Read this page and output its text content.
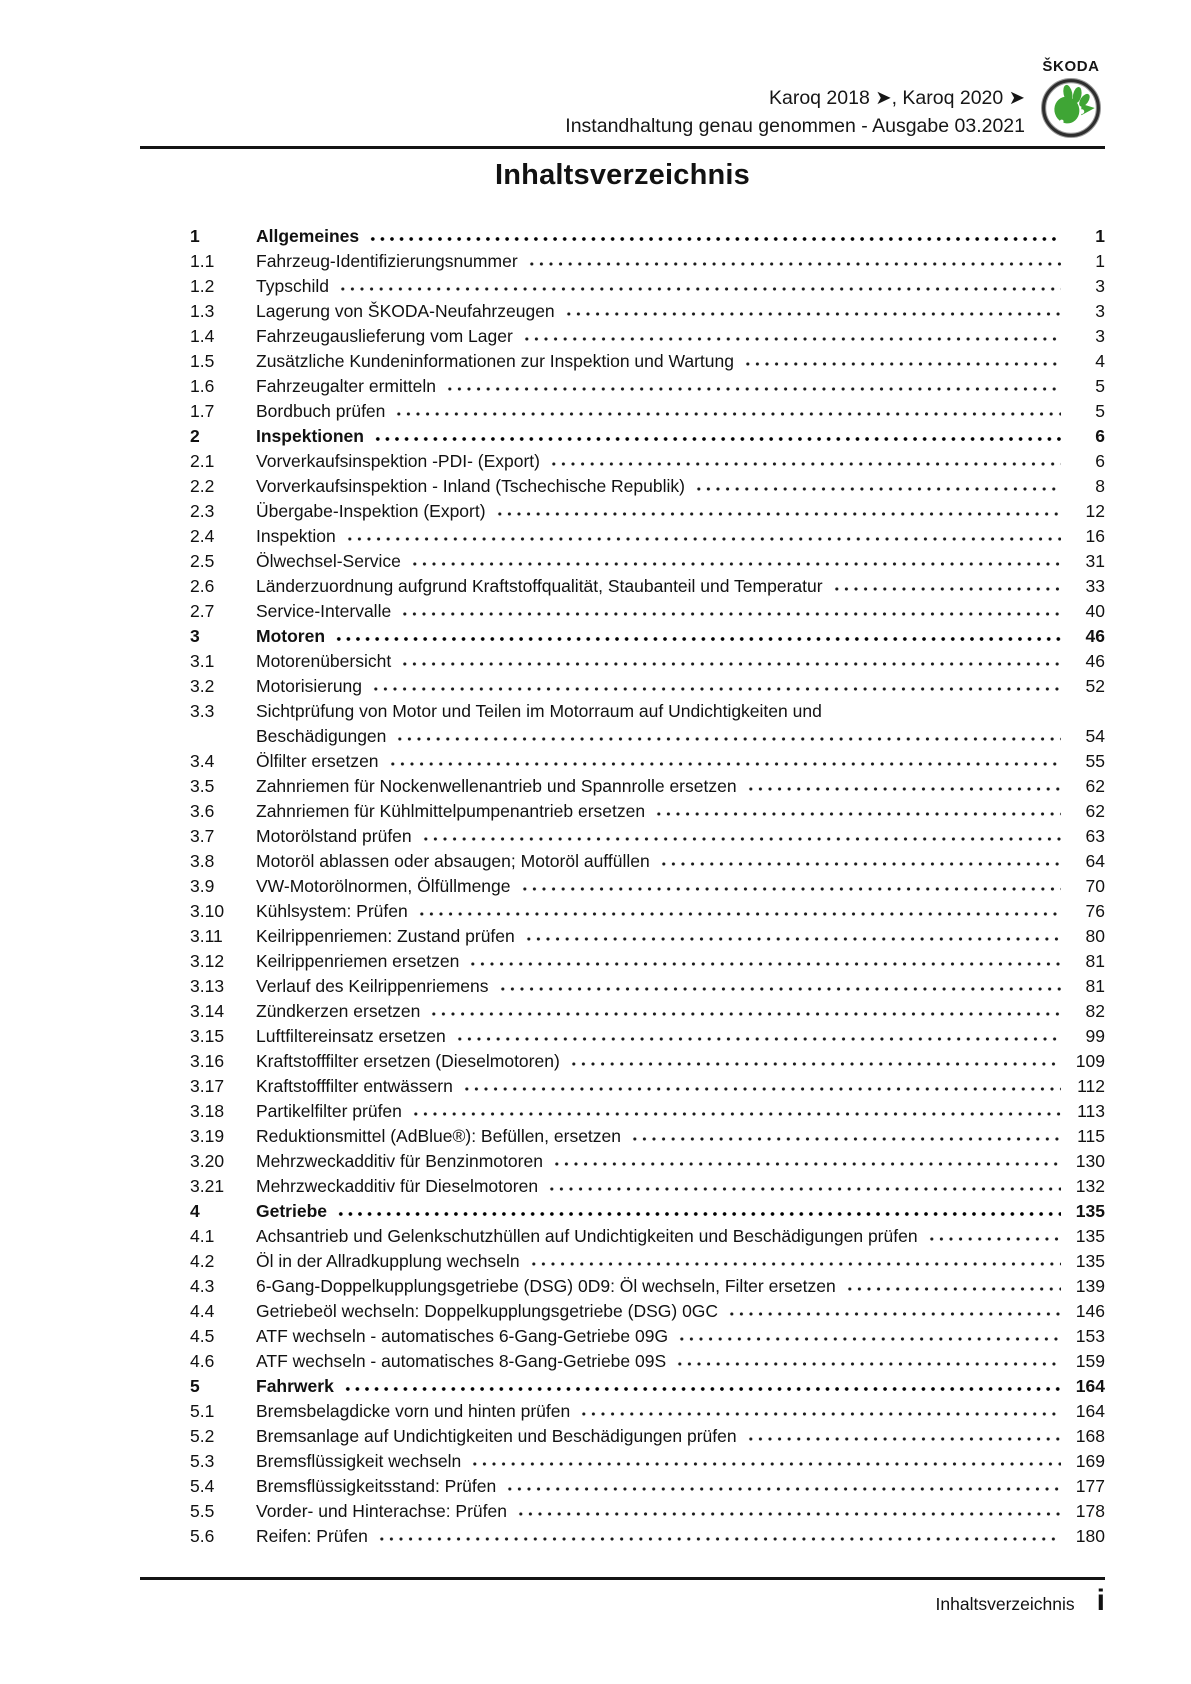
Karoq 2018 ➤, Karoq 2020 ➤
Instandhaltung genau genommen - Ausgabe 03.2021
ŠKODA
Inhaltsverzeichnis
1	Allgemeines	1
1.1	Fahrzeug-Identifizierungsnummer	1
1.2	Typschild	3
1.3	Lagerung von ŠKODA-Neufahrzeugen	3
1.4	Fahrzeugauslieferung vom Lager	3
1.5	Zusätzliche Kundeninformationen zur Inspektion und Wartung	4
1.6	Fahrzeugalter ermitteln	5
1.7	Bordbuch prüfen	5
2	Inspektionen	6
2.1	Vorverkaufsinspektion -PDI- (Export)	6
2.2	Vorverkaufsinspektion - Inland (Tschechische Republik)	8
2.3	Übergabe-Inspektion (Export)	12
2.4	Inspektion	16
2.5	Ölwechsel-Service	31
2.6	Länderzuordnung aufgrund Kraftstoffqualität, Staubanteil und Temperatur	33
2.7	Service-Intervalle	40
3	Motoren	46
3.1	Motorenübersicht	46
3.2	Motorisierung	52
3.3	Sichtprüfung von Motor und Teilen im Motorraum auf Undichtigkeiten und
Beschädigungen	54
3.4	Ölfilter ersetzen	55
3.5	Zahnriemen für Nockenwellenantrieb und Spannrolle ersetzen	62
3.6	Zahnriemen für Kühlmittelpumpenantrieb ersetzen	62
3.7	Motorölstand prüfen	63
3.8	Motoröl ablassen oder absaugen; Motoröl auffüllen	64
3.9	VW-Motorölnormen, Ölfüllmenge	70
3.10	Kühlsystem: Prüfen	76
3.11	Keilrippenriemen: Zustand prüfen	80
3.12	Keilrippenriemen ersetzen	81
3.13	Verlauf des Keilrippenriemens	81
3.14	Zündkerzen ersetzen	82
3.15	Luftfiltereinsatz ersetzen	99
3.16	Kraftstofffilter ersetzen (Dieselmotoren)	109
3.17	Kraftstofffilter entwässern	112
3.18	Partikelfilter prüfen	113
3.19	Reduktionsmittel (AdBlue®): Befüllen, ersetzen	115
3.20	Mehrzweckadditiv für Benzinmotoren	130
3.21	Mehrzweckadditiv für Dieselmotoren	132
4	Getriebe	135
4.1	Achsantrieb und Gelenkschutzhüllen auf Undichtigkeiten und Beschädigungen prüfen	135
4.2	Öl in der Allradkupplung wechseln	135
4.3	6-Gang-Doppelkupplungsgetriebe (DSG) 0D9: Öl wechseln, Filter ersetzen	139
4.4	Getriebeöl wechseln: Doppelkupplungsgetriebe (DSG) 0GC	146
4.5	ATF wechseln - automatisches 6-Gang-Getriebe 09G	153
4.6	ATF wechseln - automatisches 8-Gang-Getriebe 09S	159
5	Fahrwerk	164
5.1	Bremsbelagdicke vorn und hinten prüfen	164
5.2	Bremsanlage auf Undichtigkeiten und Beschädigungen prüfen	168
5.3	Bremsflüssigkeit wechseln	169
5.4	Bremsflüssigkeitsstand: Prüfen	177
5.5	Vorder- und Hinterachse: Prüfen	178
5.6	Reifen: Prüfen	180
Inhaltsverzeichnis i
